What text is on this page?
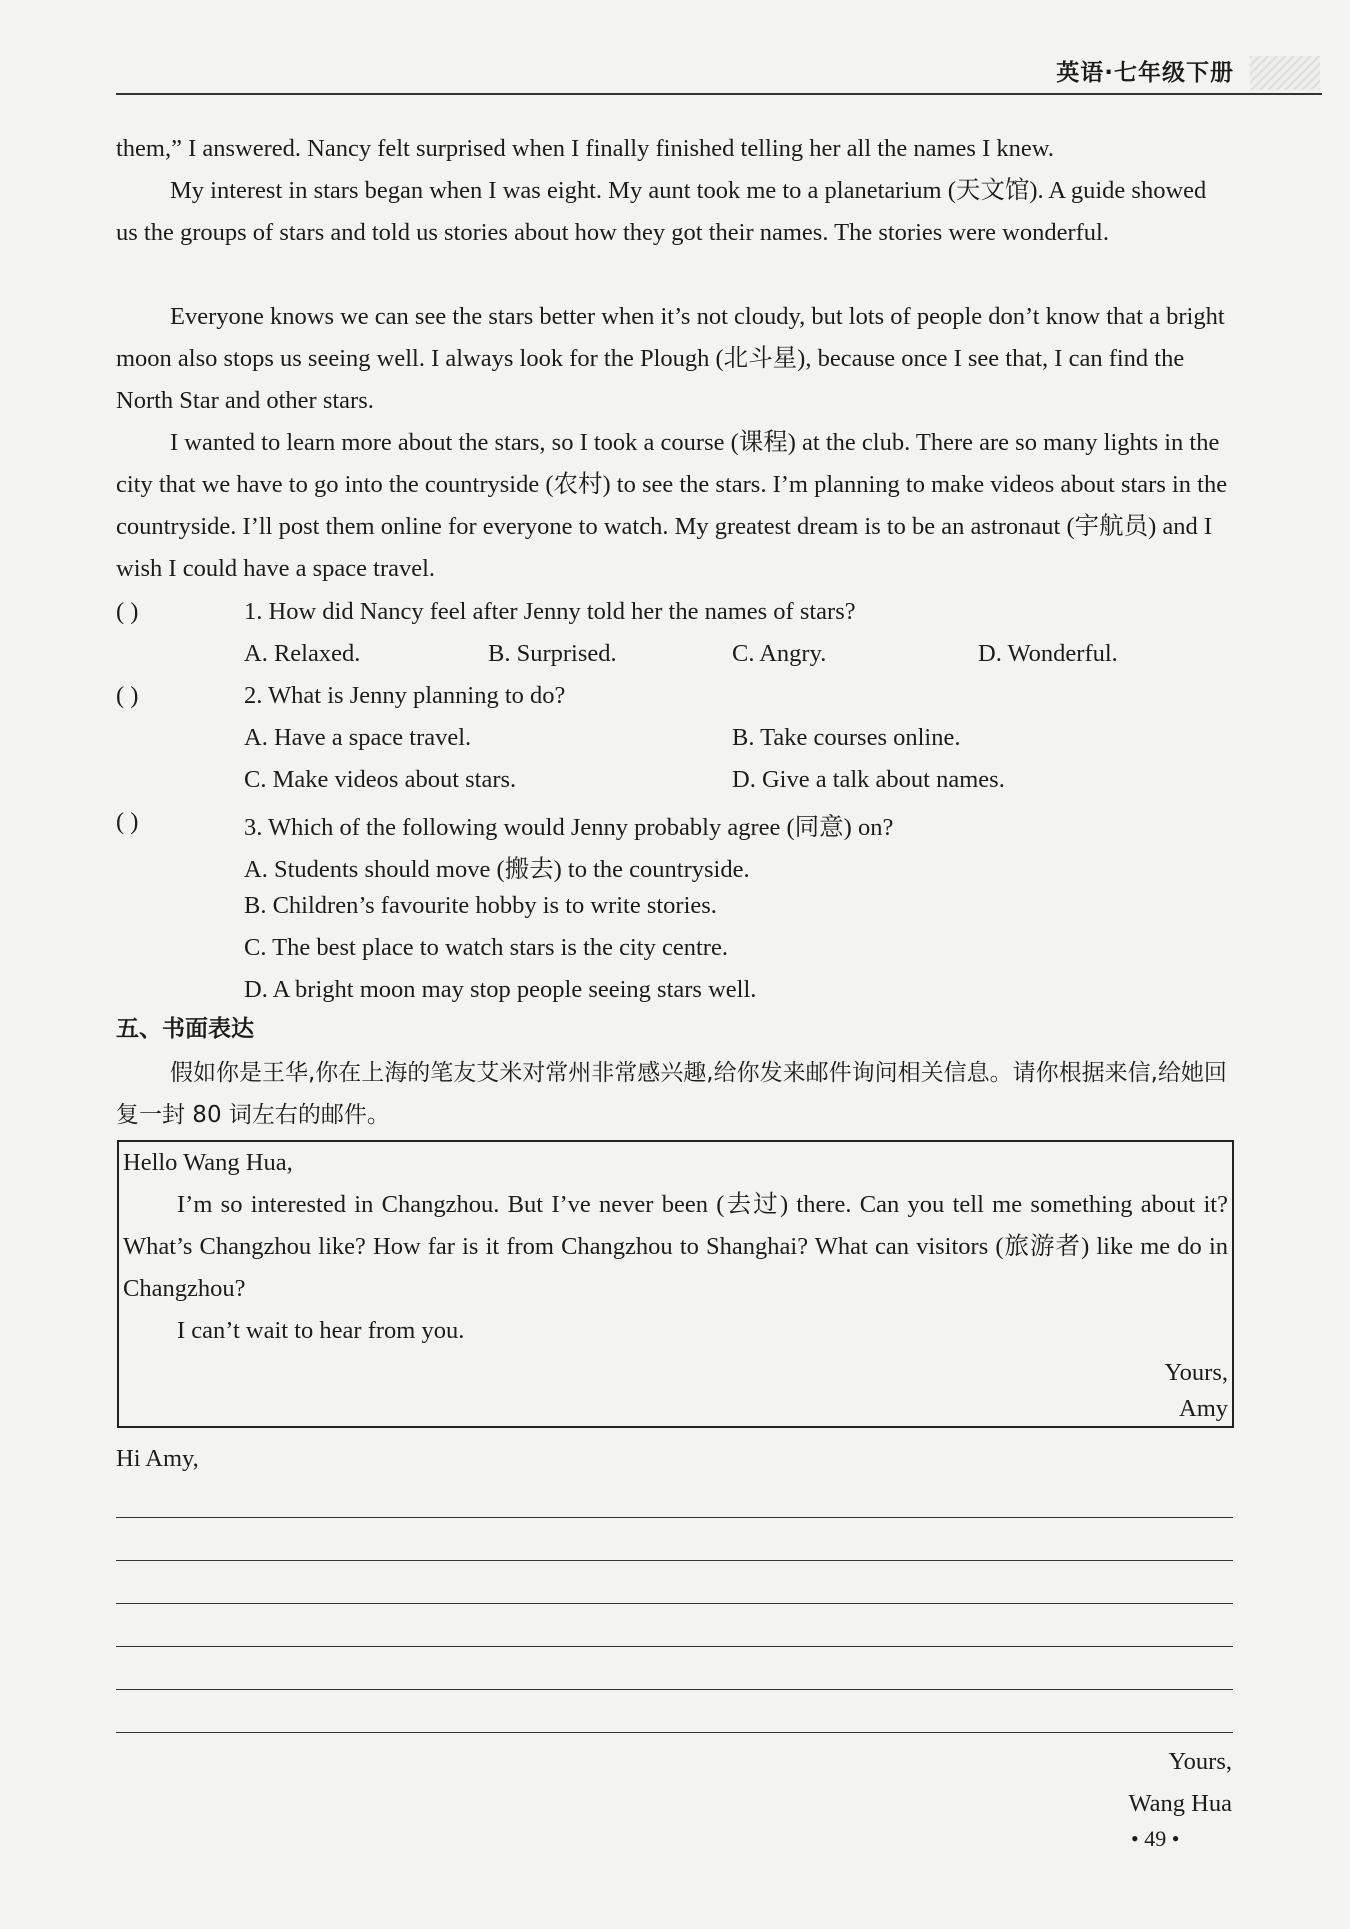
英语·七年级下册
them,” I answered. Nancy felt surprised when I finally finished telling her all the names I knew.

My interest in stars began when I was eight. My aunt took me to a planetarium (天文馆). A guide showed us the groups of stars and told us stories about how they got their names. The stories were wonderful.

Everyone knows we can see the stars better when it’s not cloudy, but lots of people don’t know that a bright moon also stops us seeing well. I always look for the Plough (北斗星), because once I see that, I can find the North Star and other stars.

I wanted to learn more about the stars, so I took a course (课程) at the club. There are so many lights in the city that we have to go into the countryside (农村) to see the stars. I’m planning to make videos about stars in the countryside. I’ll post them online for everyone to watch. My greatest dream is to be an astronaut (宇航员) and I wish I could have a space travel.

( )	1. How did Nancy feel after Jenny told her the names of stars?
A. Relaxed.	B. Surprised.	C. Angry.	D. Wonderful.
( )	2. What is Jenny planning to do?
A. Have a space travel.	B. Take courses online.
C. Make videos about stars.	D. Give a talk about names.
( )	3. Which of the following would Jenny probably agree (同意) on?
A. Students should move (搬去) to the countryside.
B. Children’s favourite hobby is to write stories.
C. The best place to watch stars is the city centre.
D. A bright moon may stop people seeing stars well.
五、书面表达
假如你是王华,你在上海的笔友艾米对常州非常感兴趣,给你发来邮件询问相关信息。请你根据来信,给她回复一封 80 词左右的邮件。
Hello Wang Hua,
I’m so interested in Changzhou. But I’ve never been (去过) there. Can you tell me something about it? What’s Changzhou like? How far is it from Changzhou to Shanghai? What can visitors (旅游者) like me do in Changzhou?
I can’t wait to hear from you.
Yours,
Amy
Hi Amy,
Yours,
Wang Hua
• 49 •
